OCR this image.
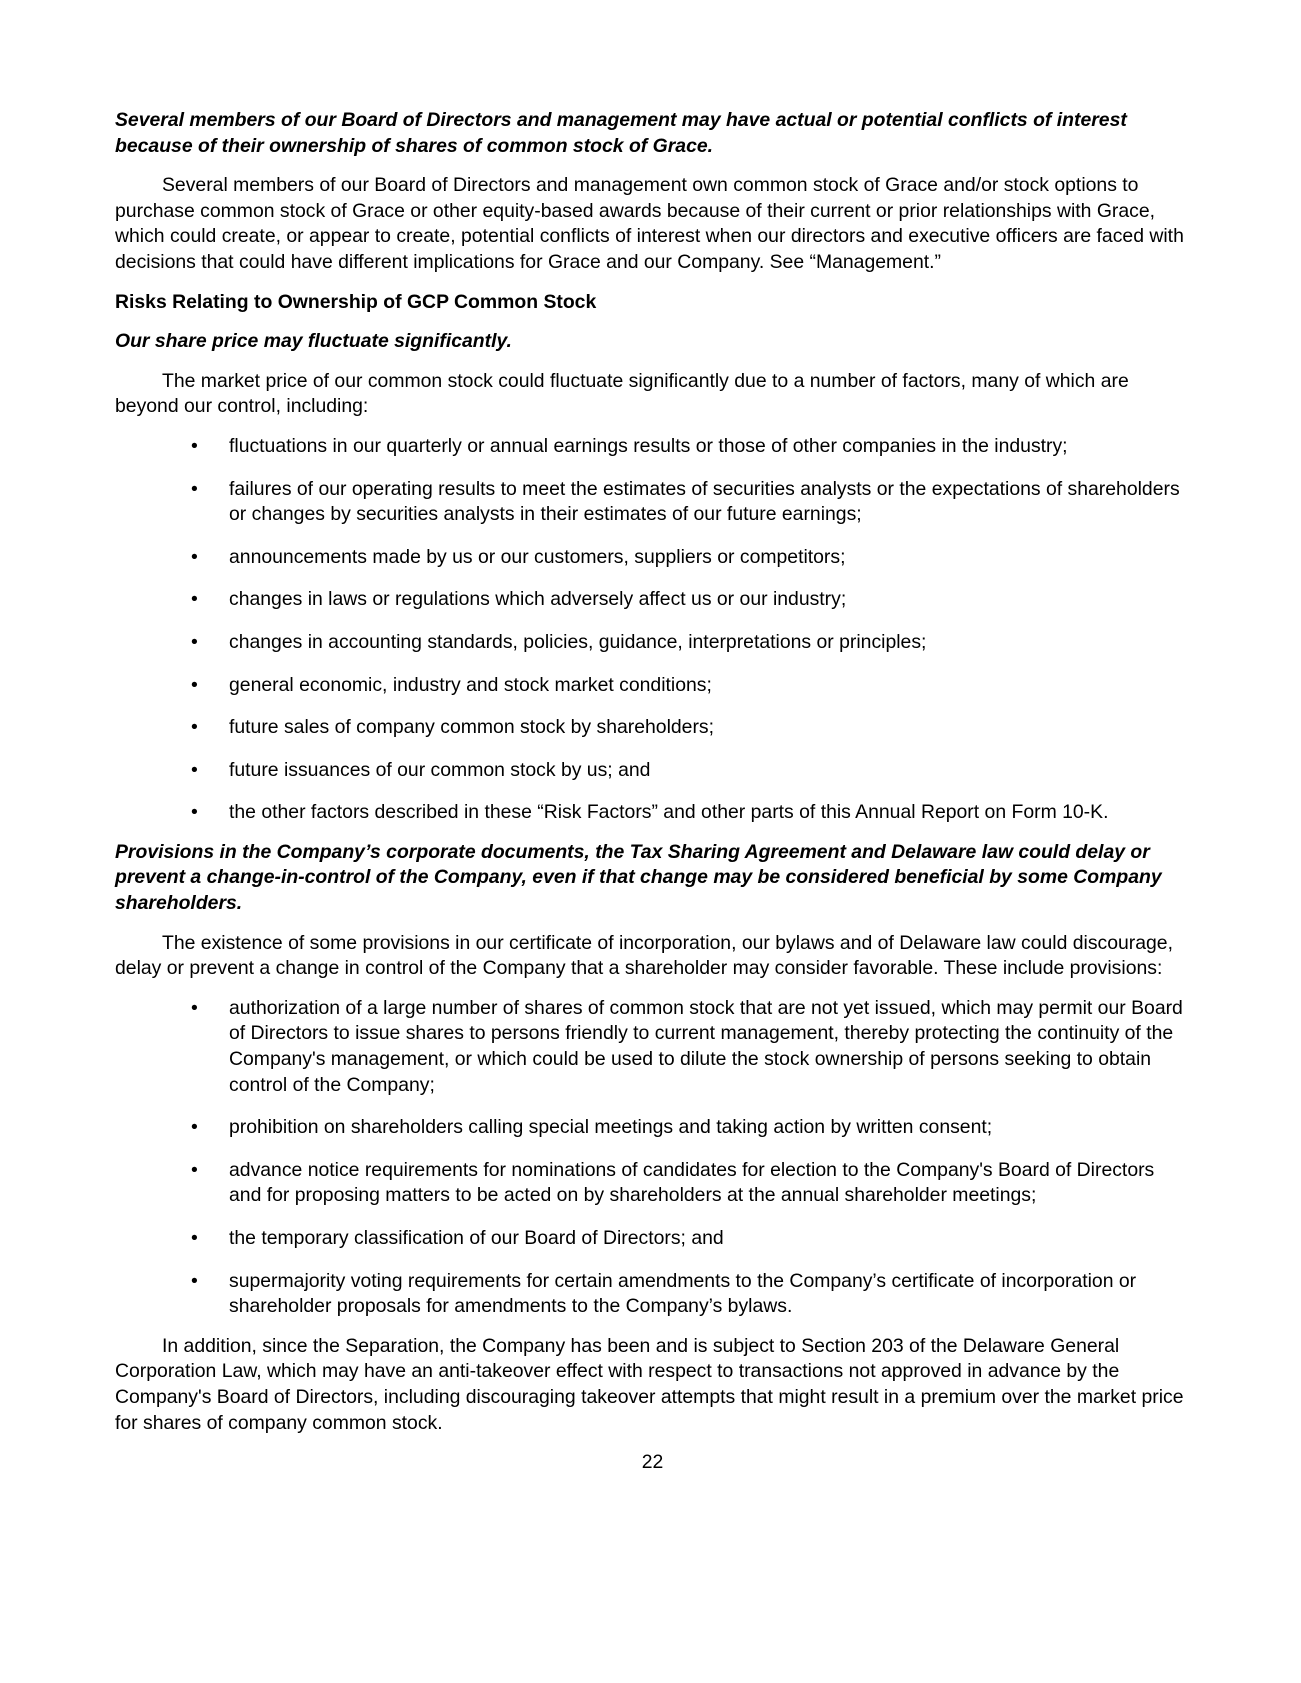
Several members of our Board of Directors and management may have actual or potential conflicts of interest because of their ownership of shares of common stock of Grace.
Several members of our Board of Directors and management own common stock of Grace and/or stock options to purchase common stock of Grace or other equity-based awards because of their current or prior relationships with Grace, which could create, or appear to create, potential conflicts of interest when our directors and executive officers are faced with decisions that could have different implications for Grace and our Company. See “Management.”
Risks Relating to Ownership of GCP Common Stock
Our share price may fluctuate significantly.
The market price of our common stock could fluctuate significantly due to a number of factors, many of which are beyond our control, including:
• fluctuations in our quarterly or annual earnings results or those of other companies in the industry;
• failures of our operating results to meet the estimates of securities analysts or the expectations of shareholders or changes by securities analysts in their estimates of our future earnings;
• announcements made by us or our customers, suppliers or competitors;
• changes in laws or regulations which adversely affect us or our industry;
• changes in accounting standards, policies, guidance, interpretations or principles;
• general economic, industry and stock market conditions;
• future sales of company common stock by shareholders;
• future issuances of our common stock by us; and
• the other factors described in these “Risk Factors” and other parts of this Annual Report on Form 10-K.
Provisions in the Company’s corporate documents, the Tax Sharing Agreement and Delaware law could delay or prevent a change-in-control of the Company, even if that change may be considered beneficial by some Company shareholders.
The existence of some provisions in our certificate of incorporation, our bylaws and of Delaware law could discourage, delay or prevent a change in control of the Company that a shareholder may consider favorable. These include provisions:
• authorization of a large number of shares of common stock that are not yet issued, which may permit our Board of Directors to issue shares to persons friendly to current management, thereby protecting the continuity of the Company's management, or which could be used to dilute the stock ownership of persons seeking to obtain control of the Company;
• prohibition on shareholders calling special meetings and taking action by written consent;
• advance notice requirements for nominations of candidates for election to the Company's Board of Directors and for proposing matters to be acted on by shareholders at the annual shareholder meetings;
• the temporary classification of our Board of Directors; and
• supermajority voting requirements for certain amendments to the Company’s certificate of incorporation or shareholder proposals for amendments to the Company’s bylaws.
In addition, since the Separation, the Company has been and is subject to Section 203 of the Delaware General Corporation Law, which may have an anti-takeover effect with respect to transactions not approved in advance by the Company's Board of Directors, including discouraging takeover attempts that might result in a premium over the market price for shares of company common stock.
22
